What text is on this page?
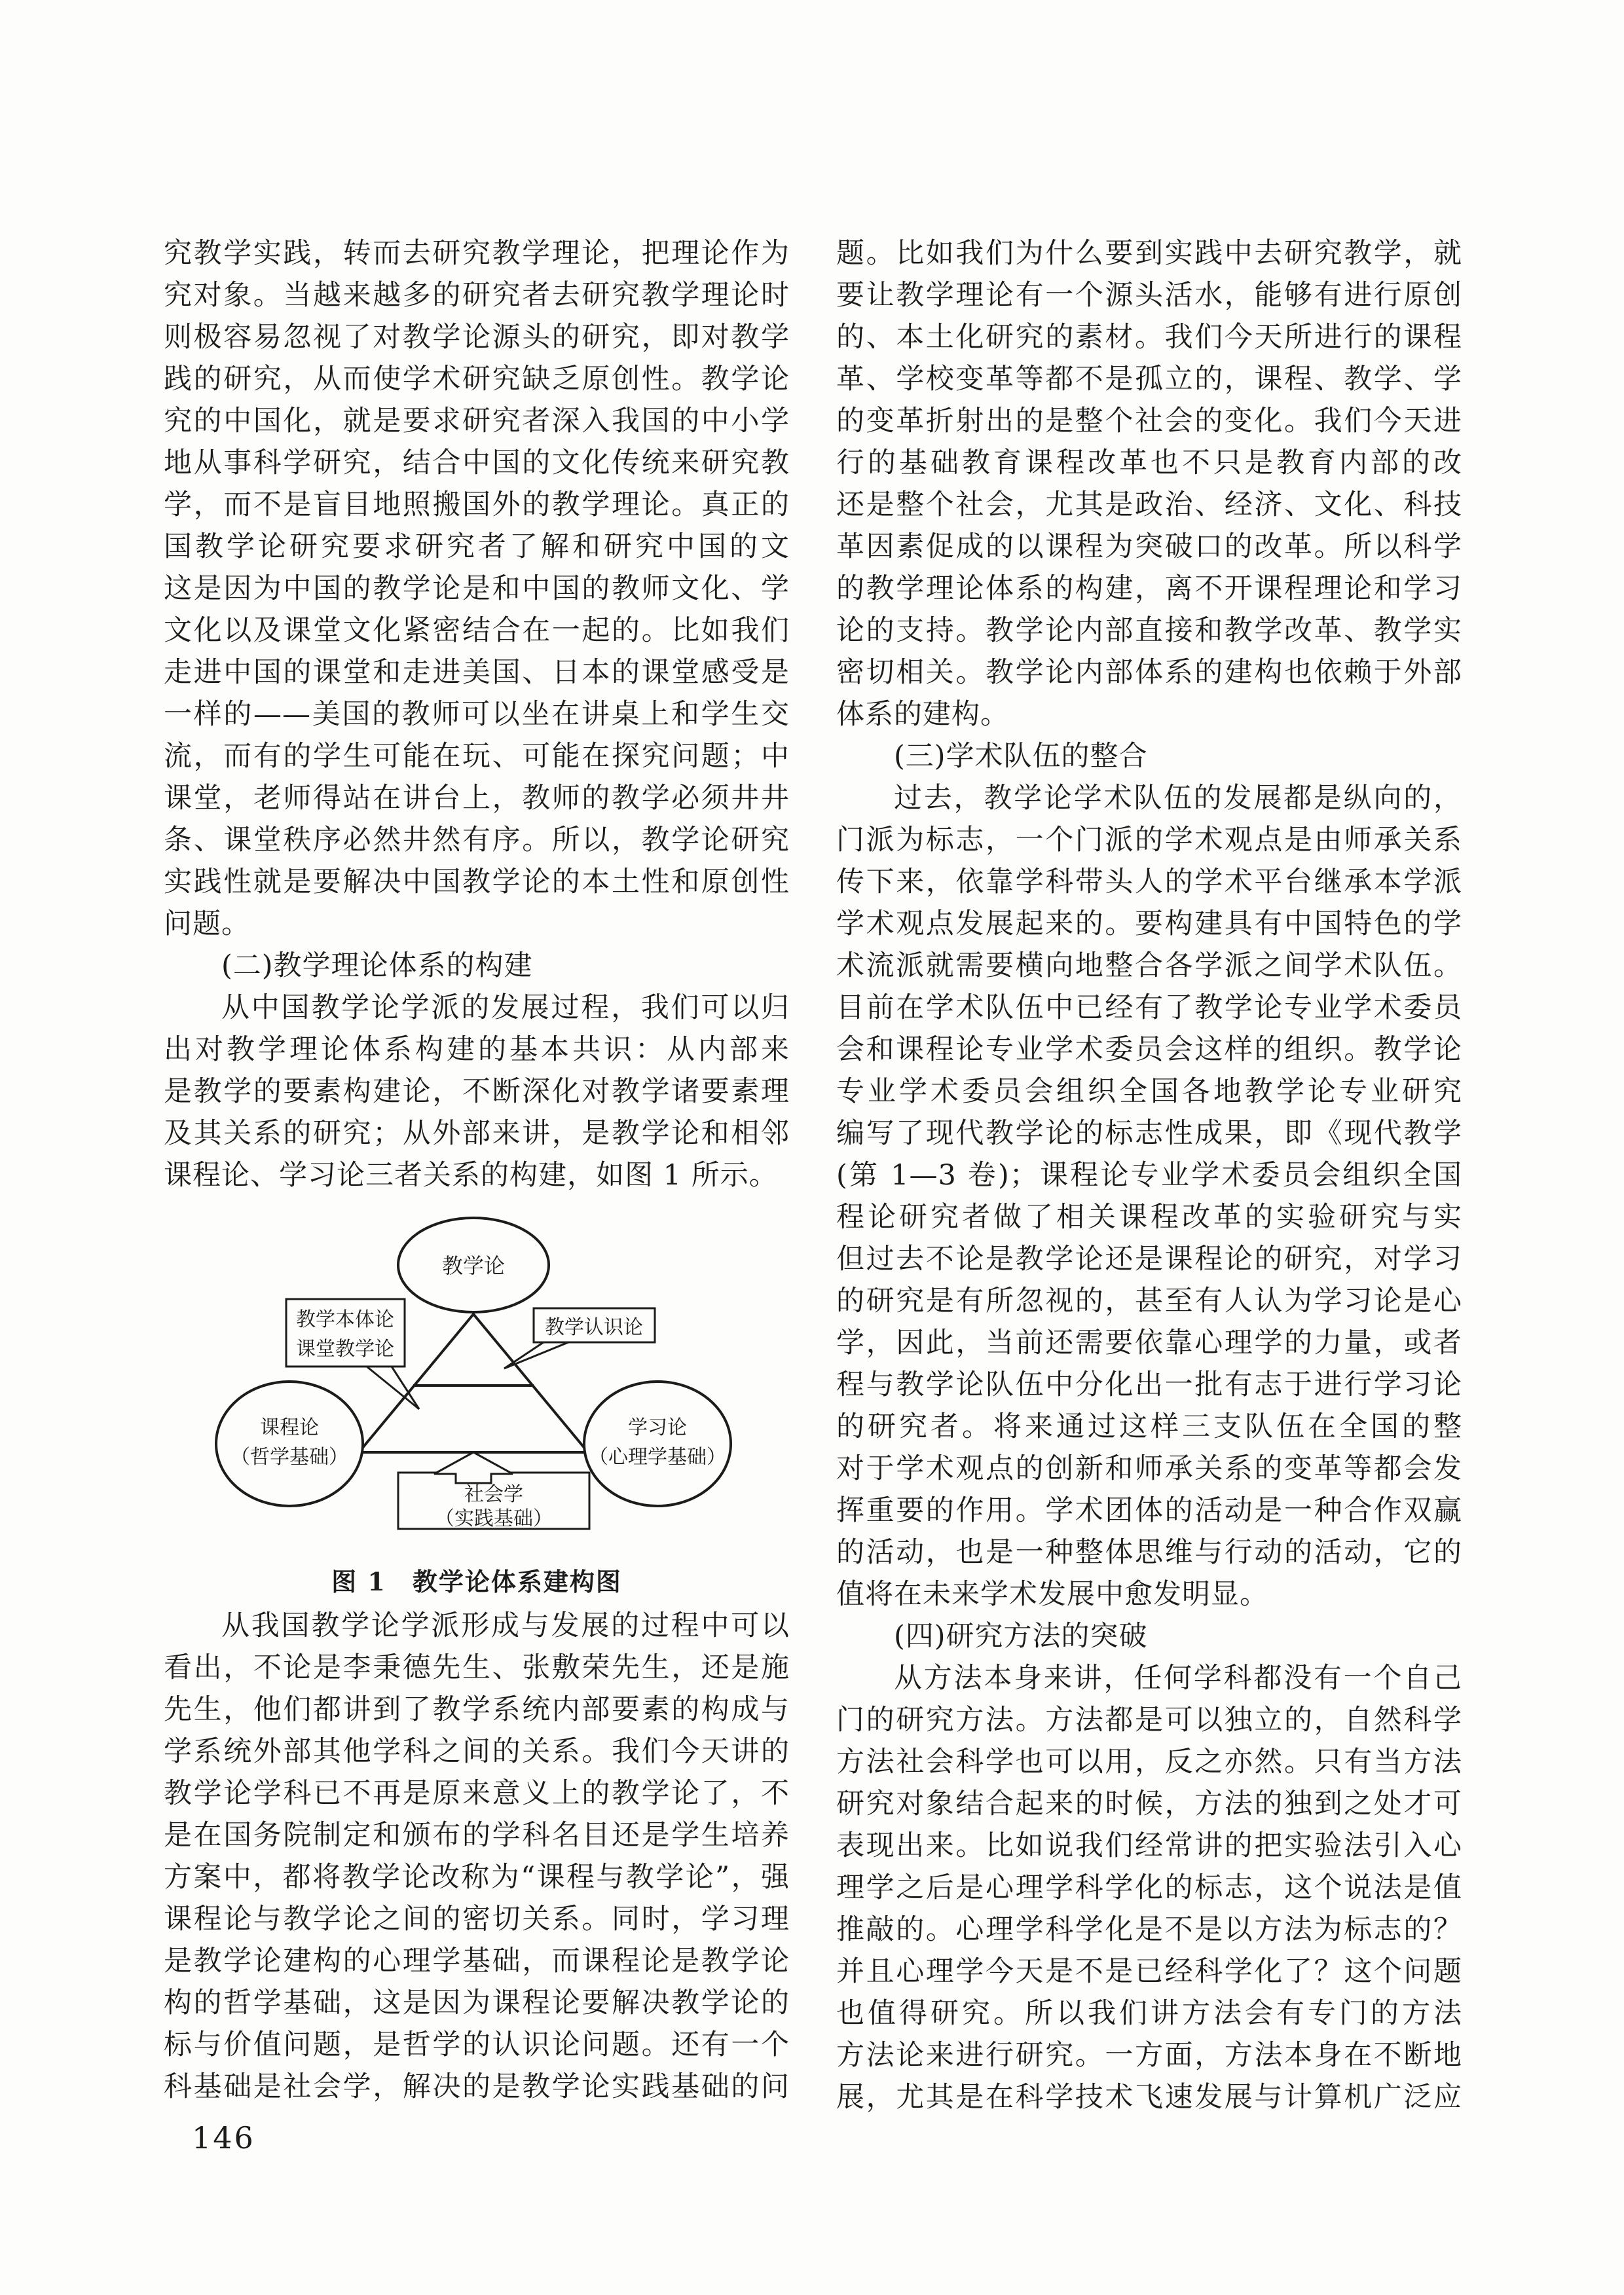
究教学实践，转而去研究教学理论，把理论作为
究对象。当越来越多的研究者去研究教学理论时
则极容易忽视了对教学论源头的研究，即对教学
践的研究，从而使学术研究缺乏原创性。教学论
究的中国化，就是要求研究者深入我国的中小学
地从事科学研究，结合中国的文化传统来研究教
学，而不是盲目地照搬国外的教学理论。真正的
国教学论研究要求研究者了解和研究中国的文
这是因为中国的教学论是和中国的教师文化、学
文化以及课堂文化紧密结合在一起的。比如我们
走进中国的课堂和走进美国、日本的课堂感受是
一样的——美国的教师可以坐在讲桌上和学生交
流，而有的学生可能在玩、可能在探究问题；中
课堂，老师得站在讲台上，教师的教学必须井井
条、课堂秩序必然井然有序。所以，教学论研究
实践性就是要解决中国教学论的本土性和原创性
问题。
(二)教学理论体系的构建
从中国教学论学派的发展过程，我们可以归
出对教学理论体系构建的基本共识：从内部来
是教学的要素构建论，不断深化对教学诸要素理
及其关系的研究；从外部来讲，是教学论和相邻
课程论、学习论三者关系的构建，如图 1 所示。
教学论
课程论
（哲学基础）
学习论
（心理学基础）
教学本体论
课堂教学论
教学认识论
社会学
（实践基础）
图 1　教学论体系建构图
从我国教学论学派形成与发展的过程中可以
看出，不论是李秉德先生、张敷荣先生，还是施
先生，他们都讲到了教学系统内部要素的构成与
学系统外部其他学科之间的关系。我们今天讲的
教学论学科已不再是原来意义上的教学论了，不
是在国务院制定和颁布的学科名目还是学生培养
方案中，都将教学论改称为“课程与教学论”，强
课程论与教学论之间的密切关系。同时，学习理
是教学论建构的心理学基础，而课程论是教学论
构的哲学基础，这是因为课程论要解决教学论的
标与价值问题，是哲学的认识论问题。还有一个
科基础是社会学，解决的是教学论实践基础的问
题。比如我们为什么要到实践中去研究教学，就
要让教学理论有一个源头活水，能够有进行原创
的、本土化研究的素材。我们今天所进行的课程
革、学校变革等都不是孤立的，课程、教学、学
的变革折射出的是整个社会的变化。我们今天进
行的基础教育课程改革也不只是教育内部的改
还是整个社会，尤其是政治、经济、文化、科技
革因素促成的以课程为突破口的改革。所以科学
的教学理论体系的构建，离不开课程理论和学习
论的支持。教学论内部直接和教学改革、教学实
密切相关。教学论内部体系的建构也依赖于外部
体系的建构。
(三)学术队伍的整合
过去，教学论学术队伍的发展都是纵向的，
门派为标志，一个门派的学术观点是由师承关系
传下来，依靠学科带头人的学术平台继承本学派
学术观点发展起来的。要构建具有中国特色的学
术流派就需要横向地整合各学派之间学术队伍。
目前在学术队伍中已经有了教学论专业学术委员
会和课程论专业学术委员会这样的组织。教学论
专业学术委员会组织全国各地教学论专业研究
编写了现代教学论的标志性成果，即《现代教学
(第 1—3 卷)；课程论专业学术委员会组织全国
程论研究者做了相关课程改革的实验研究与实
但过去不论是教学论还是课程论的研究，对学习
的研究是有所忽视的，甚至有人认为学习论是心
学，因此，当前还需要依靠心理学的力量，或者
程与教学论队伍中分化出一批有志于进行学习论
的研究者。将来通过这样三支队伍在全国的整
对于学术观点的创新和师承关系的变革等都会发
挥重要的作用。学术团体的活动是一种合作双赢
的活动，也是一种整体思维与行动的活动，它的
值将在未来学术发展中愈发明显。
(四)研究方法的突破
从方法本身来讲，任何学科都没有一个自己
门的研究方法。方法都是可以独立的，自然科学
方法社会科学也可以用，反之亦然。只有当方法
研究对象结合起来的时候，方法的独到之处才可
表现出来。比如说我们经常讲的把实验法引入心
理学之后是心理学科学化的标志，这个说法是值
推敲的。心理学科学化是不是以方法为标志的？
并且心理学今天是不是已经科学化了？这个问题
也值得研究。所以我们讲方法会有专门的方法
方法论来进行研究。一方面，方法本身在不断地
展，尤其是在科学技术飞速发展与计算机广泛应
146
